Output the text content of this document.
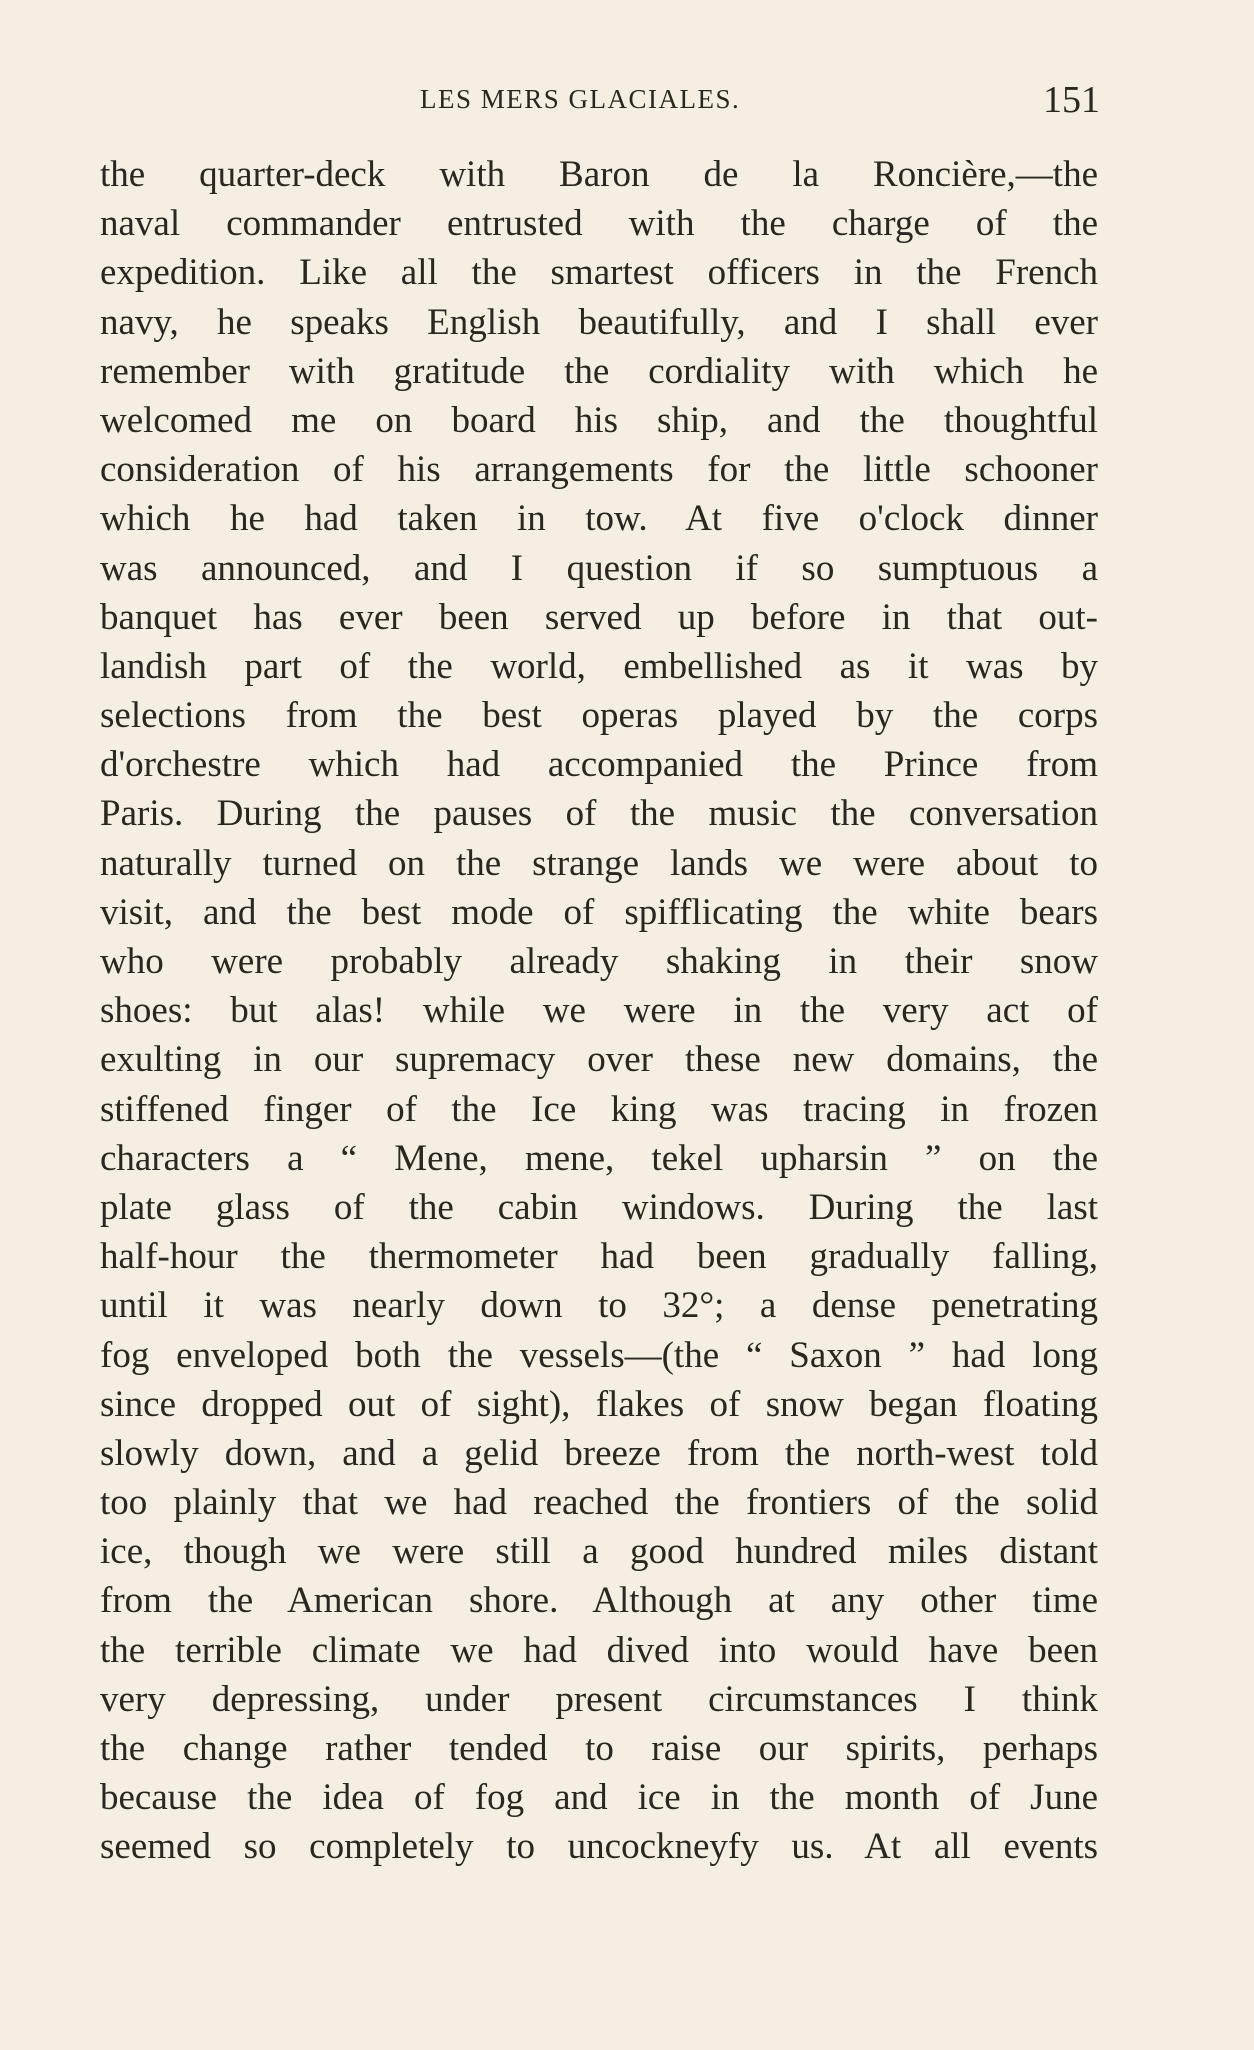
LES MERS GLACIALES.	151
the quarter-deck with Baron de la Roncière,—the
naval commander entrusted with the charge of the
expedition. Like all the smartest officers in the French
navy, he speaks English beautifully, and I shall ever
remember with gratitude the cordiality with which he
welcomed me on board his ship, and the thoughtful
consideration of his arrangements for the little schooner
which he had taken in tow. At five o'clock dinner
was announced, and I question if so sumptuous a
banquet has ever been served up before in that out-
landish part of the world, embellished as it was by
selections from the best operas played by the corps
d'orchestre which had accompanied the Prince from
Paris. During the pauses of the music the conversation
naturally turned on the strange lands we were about to
visit, and the best mode of spifflicating the white bears
who were probably already shaking in their snow
shoes: but alas! while we were in the very act of
exulting in our supremacy over these new domains, the
stiffened finger of the Ice king was tracing in frozen
characters a “ Mene, mene, tekel upharsin ” on the
plate glass of the cabin windows. During the last
half-hour the thermometer had been gradually falling,
until it was nearly down to 32°; a dense penetrating
fog enveloped both the vessels—(the “ Saxon ” had long
since dropped out of sight), flakes of snow began floating
slowly down, and a gelid breeze from the north-west told
too plainly that we had reached the frontiers of the solid
ice, though we were still a good hundred miles distant
from the American shore. Although at any other time
the terrible climate we had dived into would have been
very depressing, under present circumstances I think
the change rather tended to raise our spirits, perhaps
because the idea of fog and ice in the month of June
seemed so completely to uncockneyfy us. At all events
